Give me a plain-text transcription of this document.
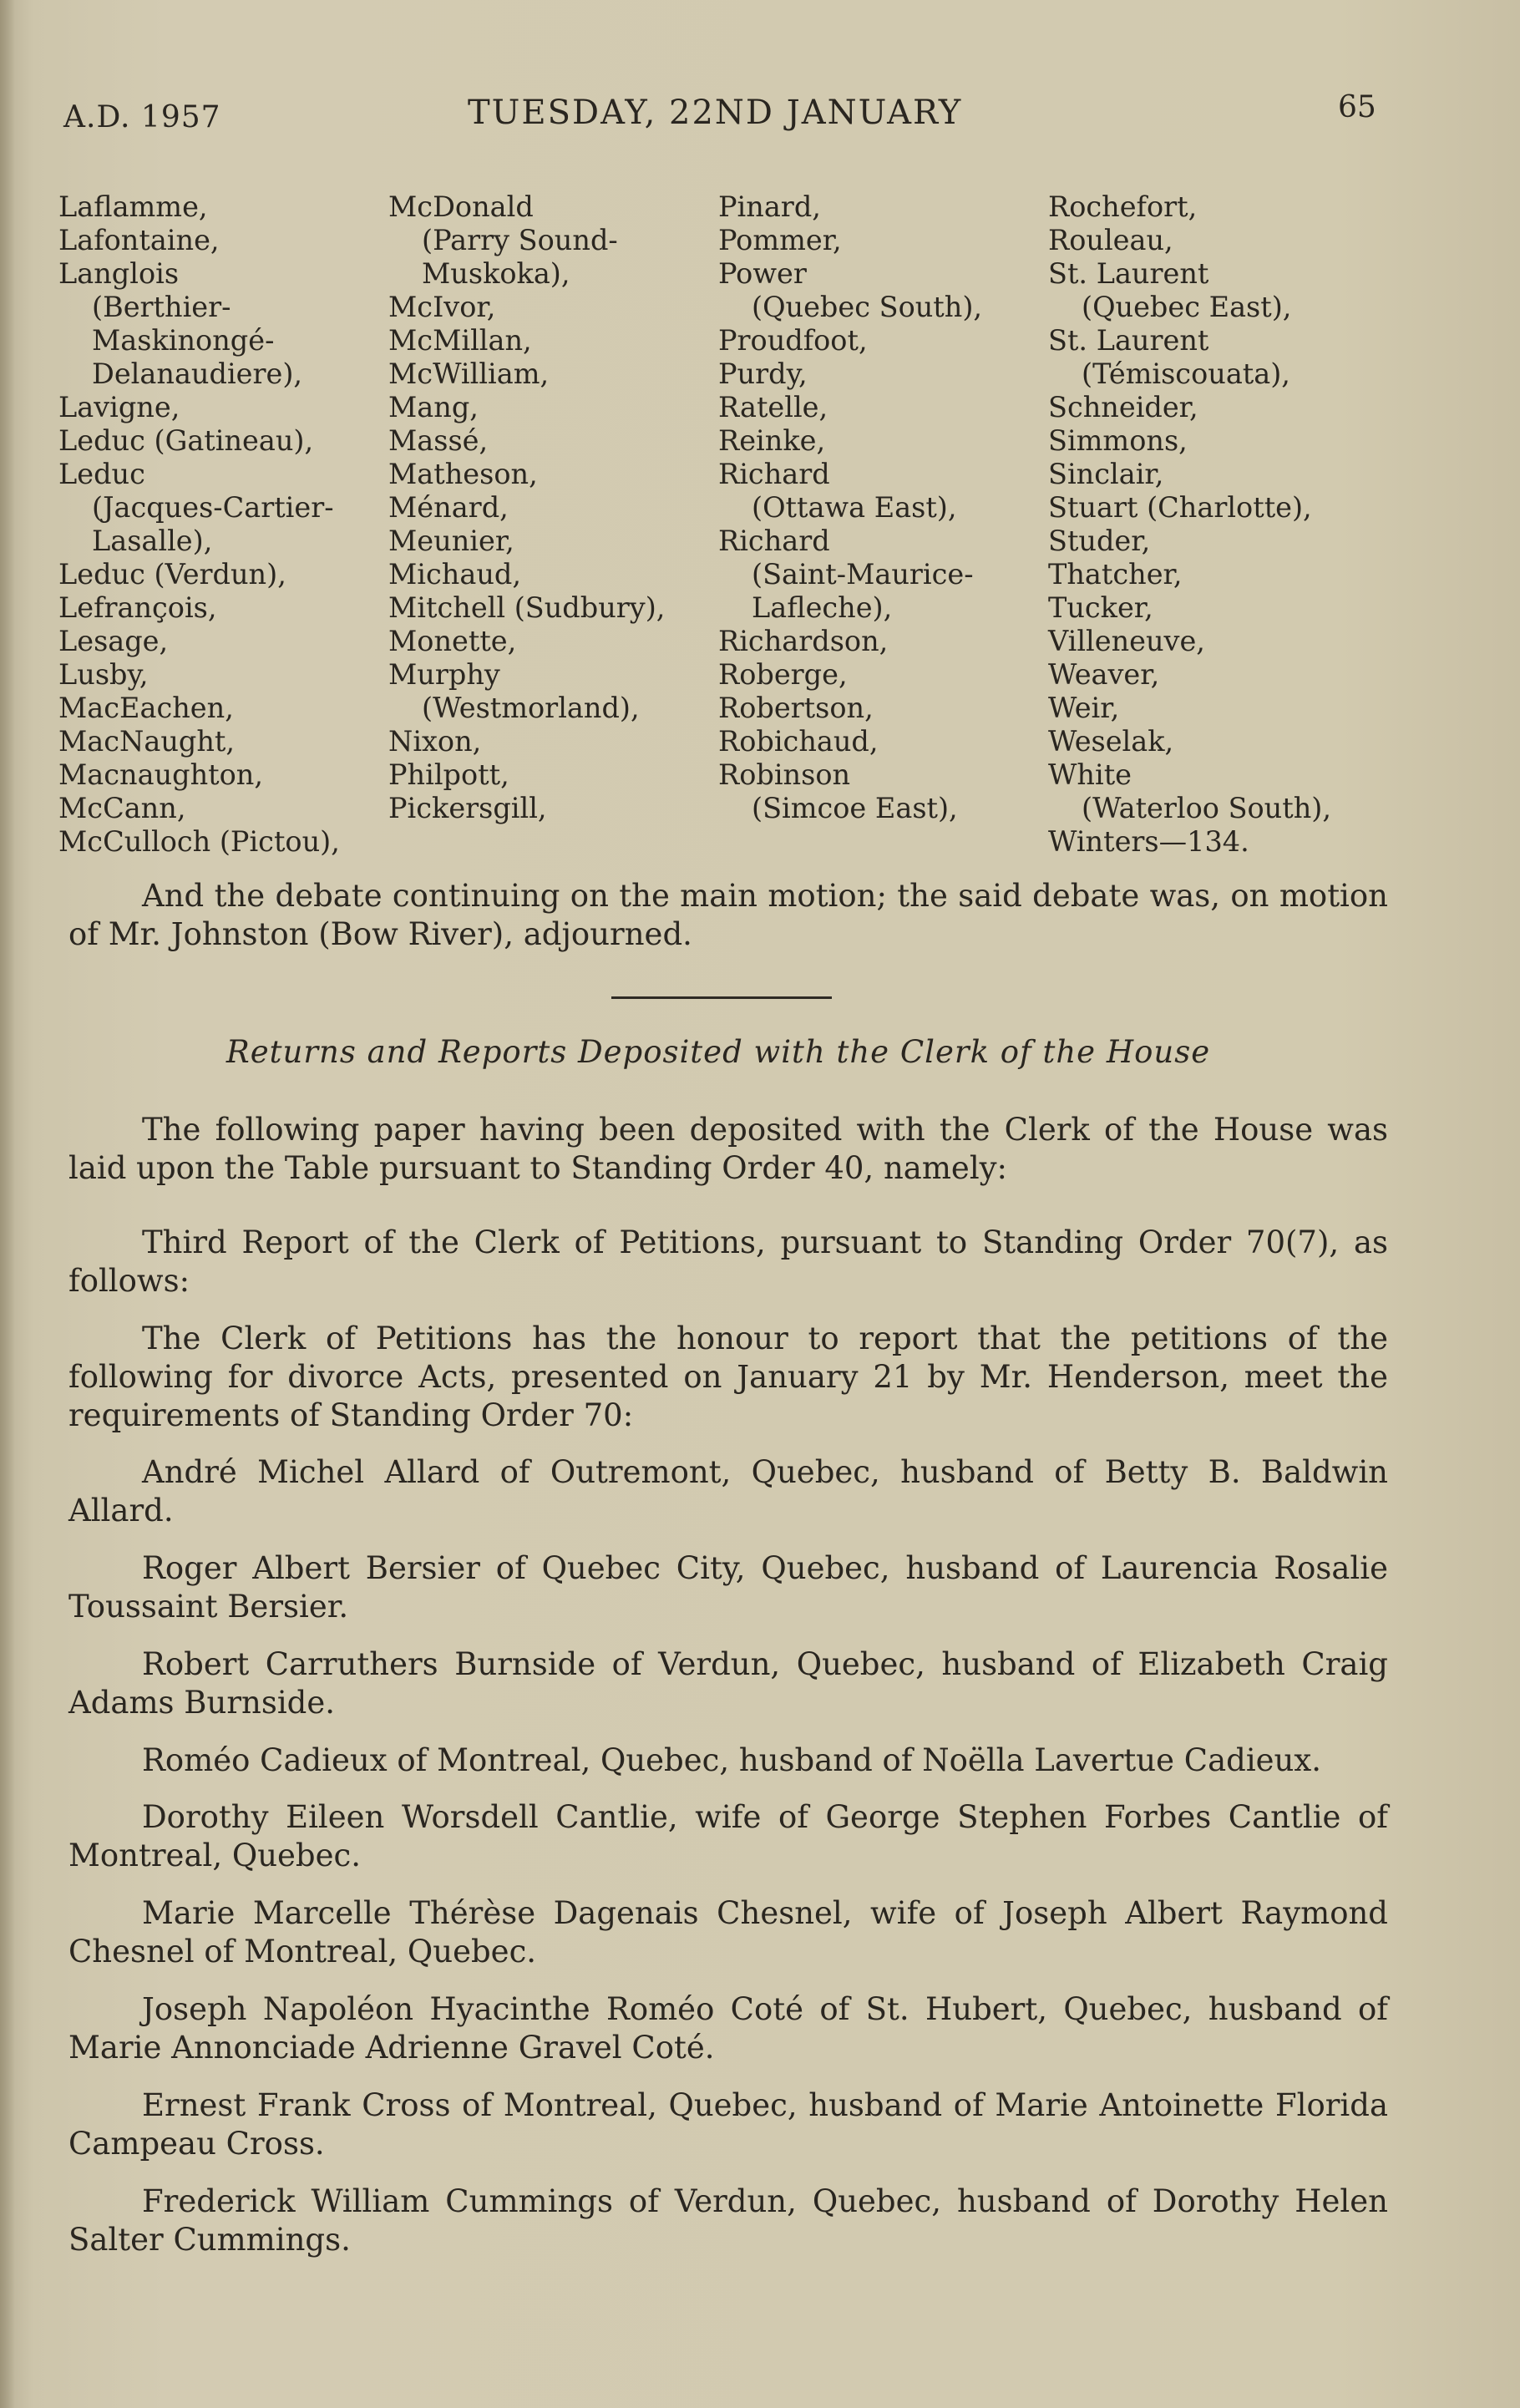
A.D. 1957	TUESDAY, 22ND JANUARY	65
Laflamme,
Lafontaine,
Langlois
(Berthier-
Maskinongé-
Delanaudiere),
Lavigne,
Leduc (Gatineau),
Leduc
(Jacques-Cartier-
Lasalle),
Leduc (Verdun),
Lefrançois,
Lesage,
Lusby,
MacEachen,
MacNaught,
Macnaughton,
McCann,
McCulloch (Pictou),
McDonald
(Parry Sound-
Muskoka),
McIvor,
McMillan,
McWilliam,
Mang,
Massé,
Matheson,
Ménard,
Meunier,
Michaud,
Mitchell (Sudbury),
Monette,
Murphy
(Westmorland),
Nixon,
Philpott,
Pickersgill,
Pinard,
Pommer,
Power
(Quebec South),
Proudfoot,
Purdy,
Ratelle,
Reinke,
Richard
(Ottawa East),
Richard
(Saint-Maurice-
Lafleche),
Richardson,
Roberge,
Robertson,
Robichaud,
Robinson
(Simcoe East),
Rochefort,
Rouleau,
St. Laurent
(Quebec East),
St. Laurent
(Témiscouata),
Schneider,
Simmons,
Sinclair,
Stuart (Charlotte),
Studer,
Thatcher,
Tucker,
Villeneuve,
Weaver,
Weir,
Weselak,
White
(Waterloo South),
Winters—134.

And the debate continuing on the main motion; the said debate was, on motion of Mr. Johnston (Bow River), adjourned.

Returns and Reports Deposited with the Clerk of the House

The following paper having been deposited with the Clerk of the House was laid upon the Table pursuant to Standing Order 40, namely:

Third Report of the Clerk of Petitions, pursuant to Standing Order 70(7), as follows:

The Clerk of Petitions has the honour to report that the petitions of the following for divorce Acts, presented on January 21 by Mr. Henderson, meet the requirements of Standing Order 70:

André Michel Allard of Outremont, Quebec, husband of Betty B. Baldwin Allard.

Roger Albert Bersier of Quebec City, Quebec, husband of Laurencia Rosalie Toussaint Bersier.

Robert Carruthers Burnside of Verdun, Quebec, husband of Elizabeth Craig Adams Burnside.

Roméo Cadieux of Montreal, Quebec, husband of Noëlla Lavertue Cadieux.

Dorothy Eileen Worsdell Cantlie, wife of George Stephen Forbes Cantlie of Montreal, Quebec.

Marie Marcelle Thérèse Dagenais Chesnel, wife of Joseph Albert Raymond Chesnel of Montreal, Quebec.

Joseph Napoléon Hyacinthe Roméo Coté of St. Hubert, Quebec, husband of Marie Annonciade Adrienne Gravel Coté.

Ernest Frank Cross of Montreal, Quebec, husband of Marie Antoinette Florida Campeau Cross.

Frederick William Cummings of Verdun, Quebec, husband of Dorothy Helen Salter Cummings.
